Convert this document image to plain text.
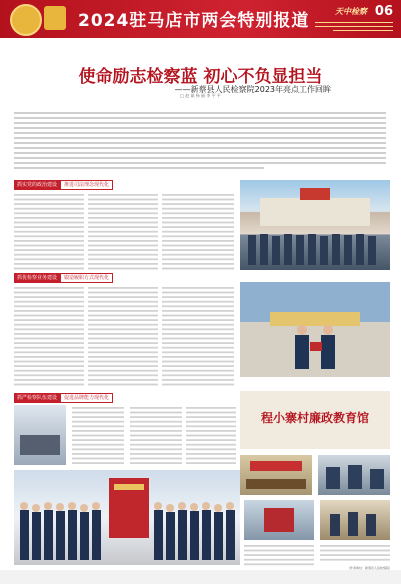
2024驻马店市两会特别报道	天中检察 06
使命励志检察蓝 初心不负显担当
——新蔡县人民检察院2023年亮点工作回眸
□ 赵 斌 杨 丽 李 平 平
抓实党的政治建设	推进司法理念现代化
抓优检察业务建设	锻造履职方式现代化
抓严检察队伍建设	促进品牌能力现代化
程小寨村廉政教育馆
（作者单位：新蔡县人民检察院）
